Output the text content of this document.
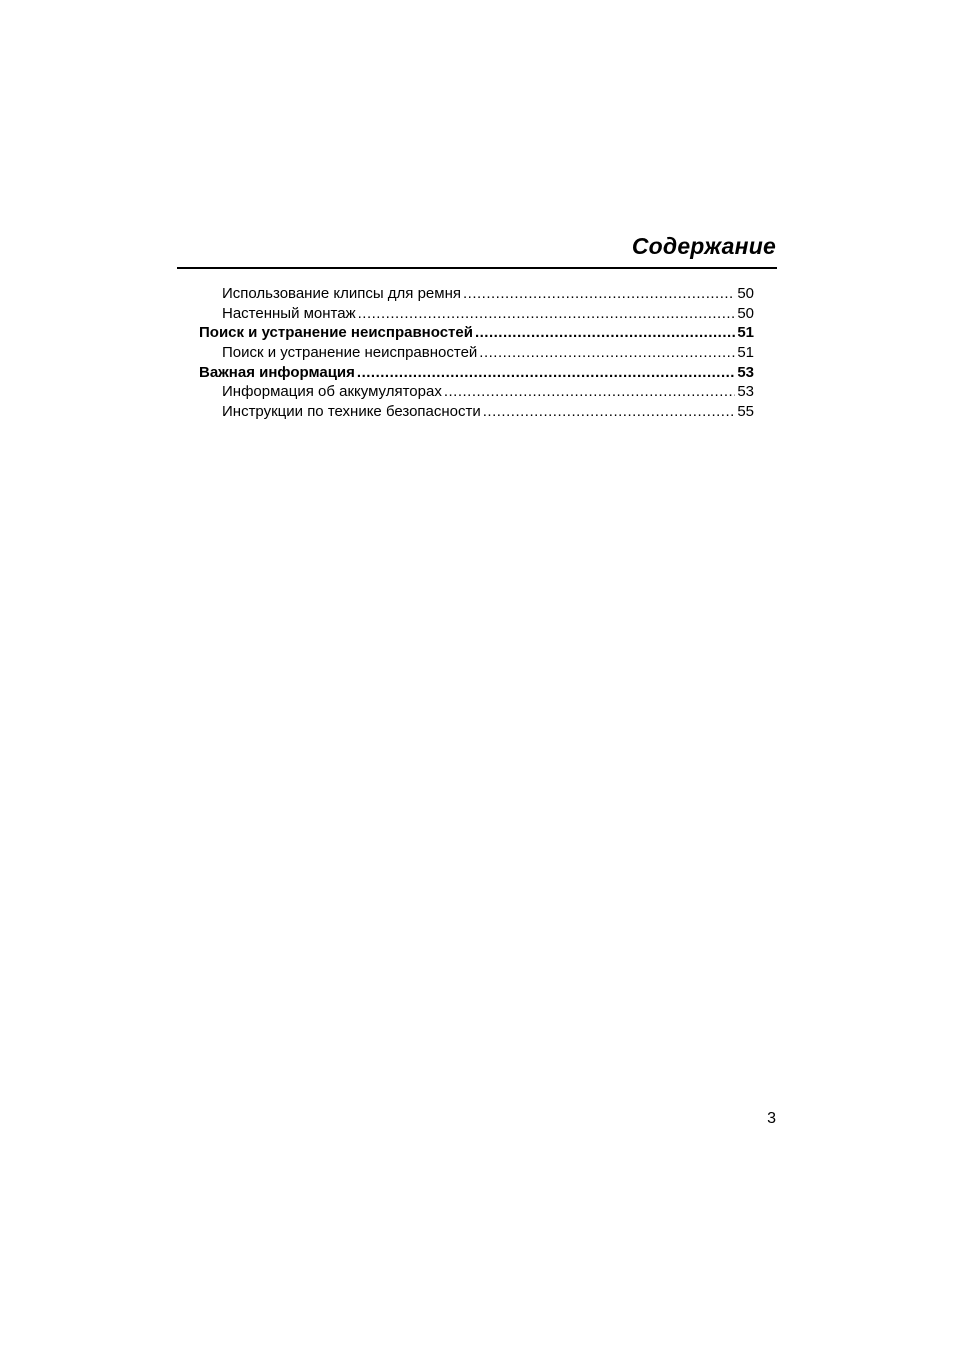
Содержание
Использование клипсы для ремня .....	50
Настенный монтаж .....	50
Поиск и устранение неисправностей .....	51
Поиск и устранение неисправностей .....	51
Важная информация .....	53
Информация об аккумуляторах .....	53
Инструкции по технике безопасности .....	55
3
